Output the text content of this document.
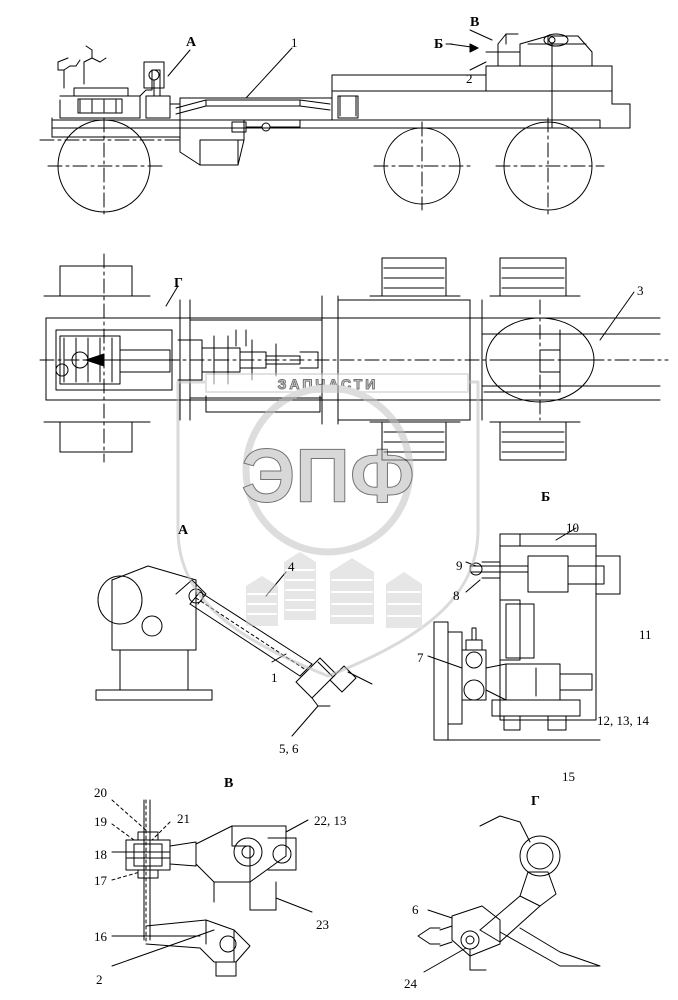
ЗАПЧАСТИ
ЭПФ
А	1
В
Б
2
Г	3
Б
А	10
9
8
4
11
7
1
12, 13, 14
5, 6
15
В
Г
20
19	21	22, 13
18
17
23
16
6
2	24
